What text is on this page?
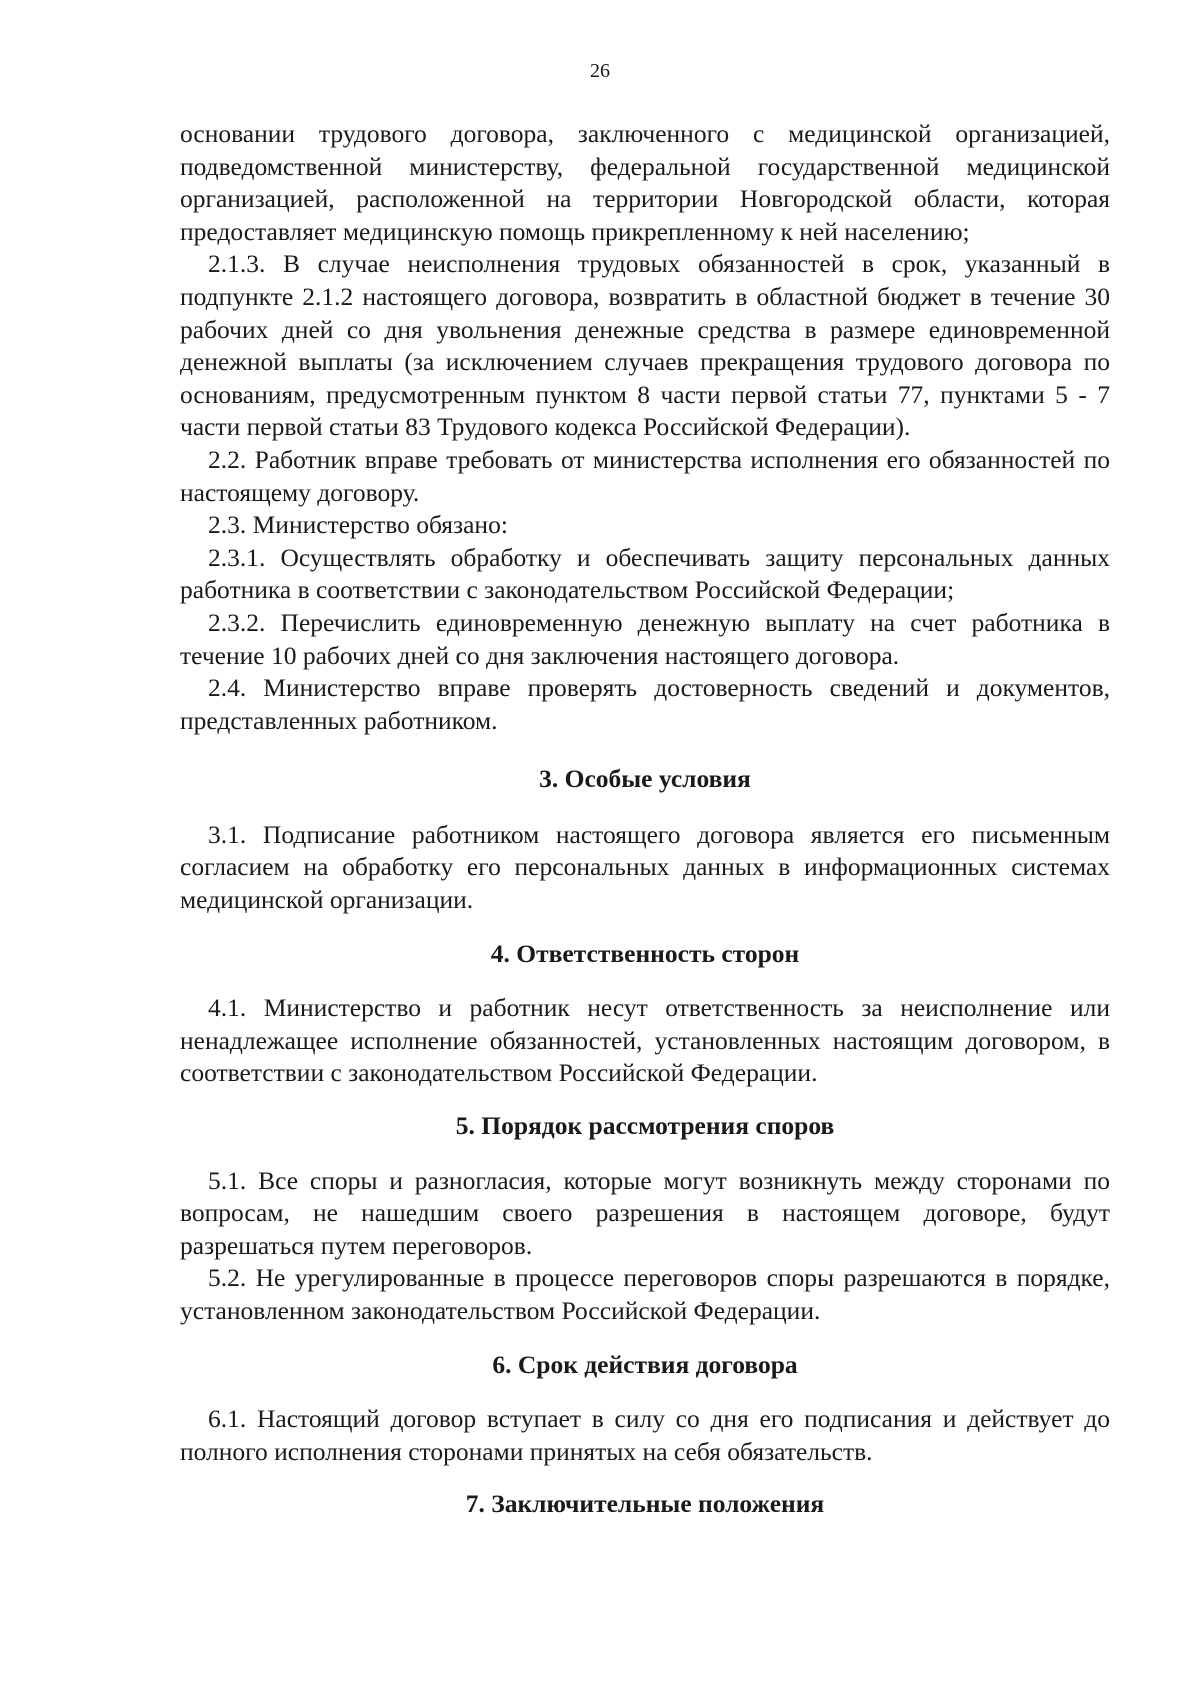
26

основании трудового договора, заключенного с медицинской организацией, подведомственной министерству, федеральной государственной медицинской организацией, расположенной на территории Новгородской области, которая предоставляет медицинскую помощь прикрепленному к ней населению;

2.1.3. В случае неисполнения трудовых обязанностей в срок, указанный в подпункте 2.1.2 настоящего договора, возвратить в областной бюджет в течение 30 рабочих дней со дня увольнения денежные средства в размере единовременной денежной выплаты (за исключением случаев прекращения трудового договора по основаниям, предусмотренным пунктом 8 части первой статьи 77, пунктами 5 - 7 части первой статьи 83 Трудового кодекса Российской Федерации).

2.2. Работник вправе требовать от министерства исполнения его обязанностей по настоящему договору.

2.3. Министерство обязано:

2.3.1. Осуществлять обработку и обеспечивать защиту персональных данных работника в соответствии с законодательством Российской Федерации;

2.3.2. Перечислить единовременную денежную выплату на счет работника в течение 10 рабочих дней со дня заключения настоящего договора.

2.4. Министерство вправе проверять достоверность сведений и документов, представленных работником.

3. Особые условия

3.1. Подписание работником настоящего договора является его письменным согласием на обработку его персональных данных в информационных системах медицинской организации.

4. Ответственность сторон

4.1. Министерство и работник несут ответственность за неисполнение или ненадлежащее исполнение обязанностей, установленных настоящим договором, в соответствии с законодательством Российской Федерации.

5. Порядок рассмотрения споров

5.1. Все споры и разногласия, которые могут возникнуть между сторонами по вопросам, не нашедшим своего разрешения в настоящем договоре, будут разрешаться путем переговоров.

5.2. Не урегулированные в процессе переговоров споры разрешаются в порядке, установленном законодательством Российской Федерации.

6. Срок действия договора

6.1. Настоящий договор вступает в силу со дня его подписания и действует до полного исполнения сторонами принятых на себя обязательств.

7. Заключительные положения
